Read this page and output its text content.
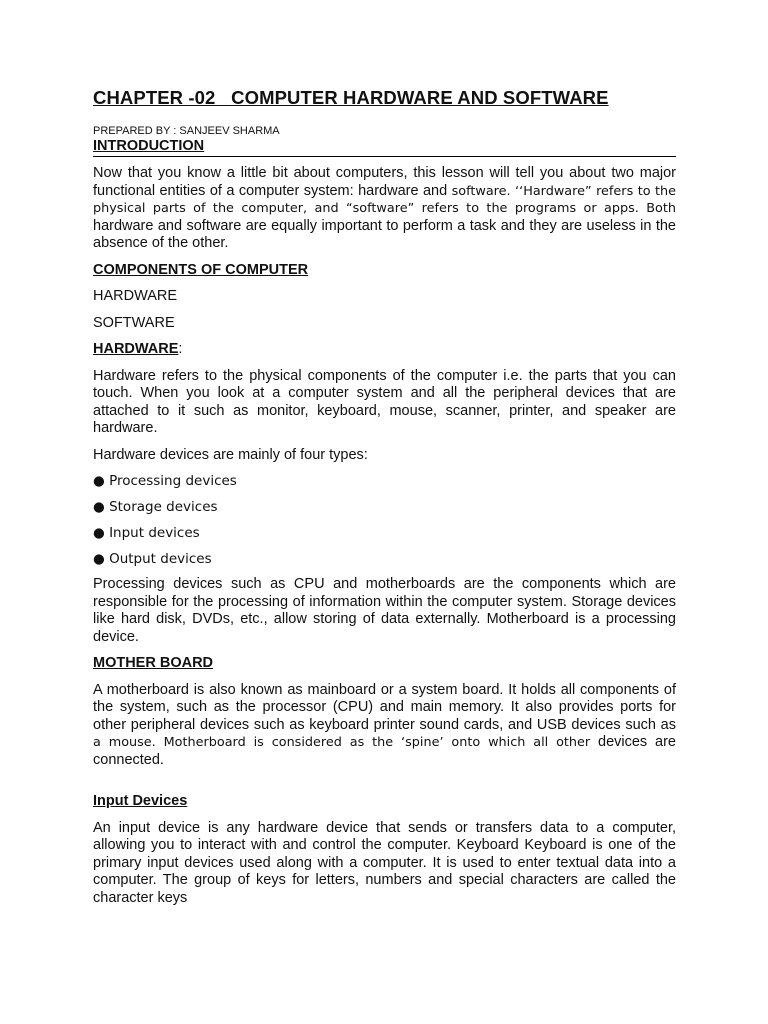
CHAPTER -02   COMPUTER HARDWARE AND SOFTWARE
PREPARED BY : SANJEEV SHARMA
INTRODUCTION

Now that you know a little bit about computers, this lesson will tell you about two major functional entities of a computer system: hardware and software. ‘‘Hardware” refers to the physical parts of the computer, and “software” refers to the programs or apps. Both hardware and software are equally important to perform a task and they are useless in the absence of the other.

COMPONENTS OF COMPUTER
HARDWARE
SOFTWARE
HARDWARE:

Hardware refers to the physical components of the computer i.e. the parts that you can touch. When you look at a computer system and all the peripheral devices that are attached to it such as monitor, keyboard, mouse, scanner, printer, and speaker are hardware.

Hardware devices are mainly of four types:
● Processing devices
● Storage devices
● Input devices
● Output devices

Processing devices such as CPU and motherboards are the components which are responsible for the processing of information within the computer system. Storage devices like hard disk, DVDs, etc., allow storing of data externally. Motherboard is a processing device.

MOTHER BOARD

A motherboard is also known as mainboard or a system board. It holds all components of the system, such as the processor (CPU) and main memory. It also provides ports for other peripheral devices such as keyboard printer sound cards, and USB devices such as a mouse. Motherboard is considered as the ‘spine’ onto which all other devices are connected.

Input Devices

An input device is any hardware device that sends or transfers data to a computer, allowing you to interact with and control the computer. Keyboard Keyboard is one of the primary input devices used along with a computer. It is used to enter textual data into a computer. The group of keys for letters, numbers and special characters are called the character keys
